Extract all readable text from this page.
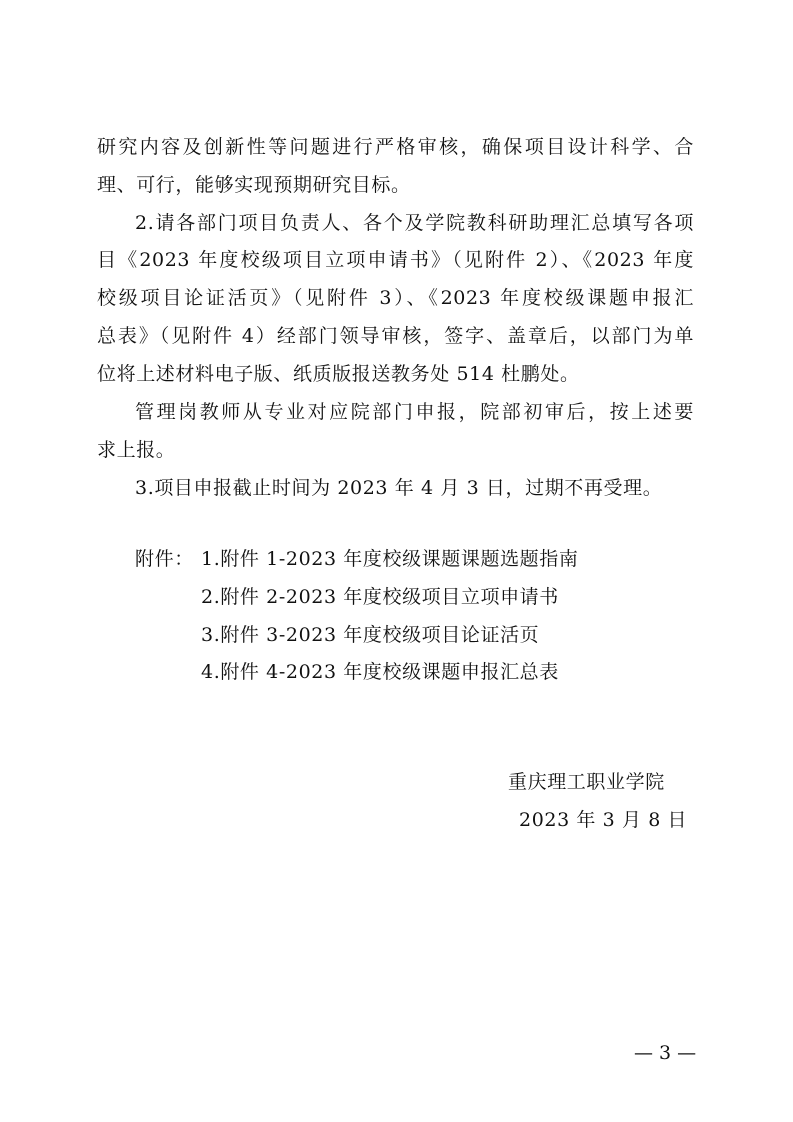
研究内容及创新性等问题进行严格审核，确保项目设计科学、合
理、可行，能够实现预期研究目标。
2.请各部门项目负责人、各个及学院教科研助理汇总填写各项
目《2023 年度校级项目立项申请书》（见附件 2）、《2023 年度
校级项目论证活页》（见附件 3）、《2023 年度校级课题申报汇
总表》（见附件 4）经部门领导审核，签字、盖章后，以部门为单
位将上述材料电子版、纸质版报送教务处 514 杜鹏处。
管理岗教师从专业对应院部门申报，院部初审后，按上述要
求上报。
3.项目申报截止时间为 2023 年 4 月 3 日，过期不再受理。
附件： 1.附件 1-2023 年度校级课题课题选题指南
2.附件 2-2023 年度校级项目立项申请书
3.附件 3-2023 年度校级项目论证活页
4.附件 4-2023 年度校级课题申报汇总表
重庆理工职业学院
2023 年 3 月 8 日
— 3 —
